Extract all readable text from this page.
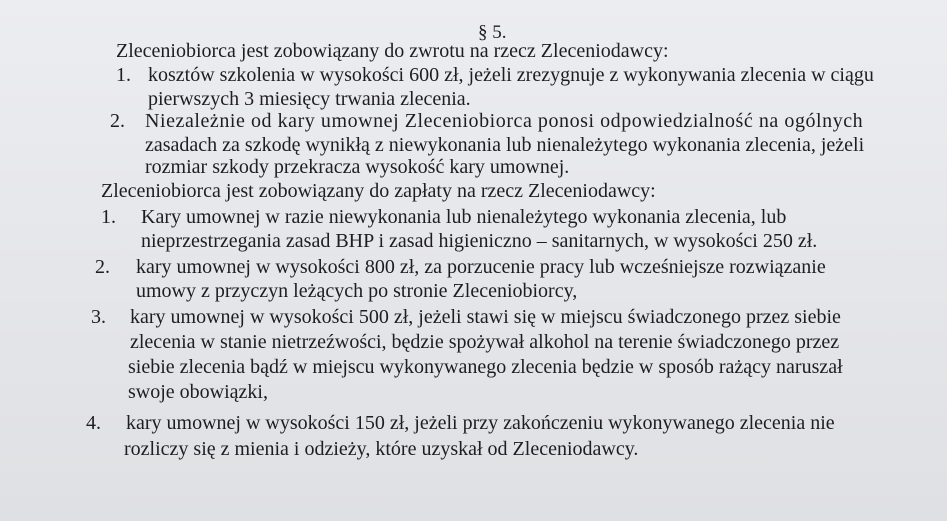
§ 5.
Zleceniobiorca jest zobowiązany do zwrotu na rzecz Zleceniodawcy:
1. kosztów szkolenia w wysokości 600 zł, jeżeli zrezygnuje z wykonywania zlecenia w ciągu
pierwszych 3 miesięcy trwania zlecenia.
2. Niezależnie od kary umownej Zleceniobiorca ponosi odpowiedzialność na ogólnych
zasadach za szkodę wynikłą z niewykonania lub nienależytego wykonania zlecenia, jeżeli
rozmiar szkody przekracza wysokość kary umownej.
Zleceniobiorca jest zobowiązany do zapłaty na rzecz Zleceniodawcy:
1. Kary umownej w razie niewykonania lub nienależytego wykonania zlecenia, lub
nieprzestrzegania zasad BHP i zasad higieniczno – sanitarnych, w wysokości 250 zł.
2. kary umownej w wysokości 800 zł, za porzucenie pracy lub wcześniejsze rozwiązanie
umowy z przyczyn leżących po stronie Zleceniobiorcy,
3. kary umownej w wysokości 500 zł, jeżeli stawi się w miejscu świadczonego przez siebie
zlecenia w stanie nietrzeźwości, będzie spożywał alkohol na terenie świadczonego przez
siebie zlecenia bądź w miejscu wykonywanego zlecenia będzie w sposób rażący naruszał
swoje obowiązki,
4. kary umownej w wysokości 150 zł, jeżeli przy zakończeniu wykonywanego zlecenia nie
rozliczy się z mienia i odzieży, które uzyskał od Zleceniodawcy.
